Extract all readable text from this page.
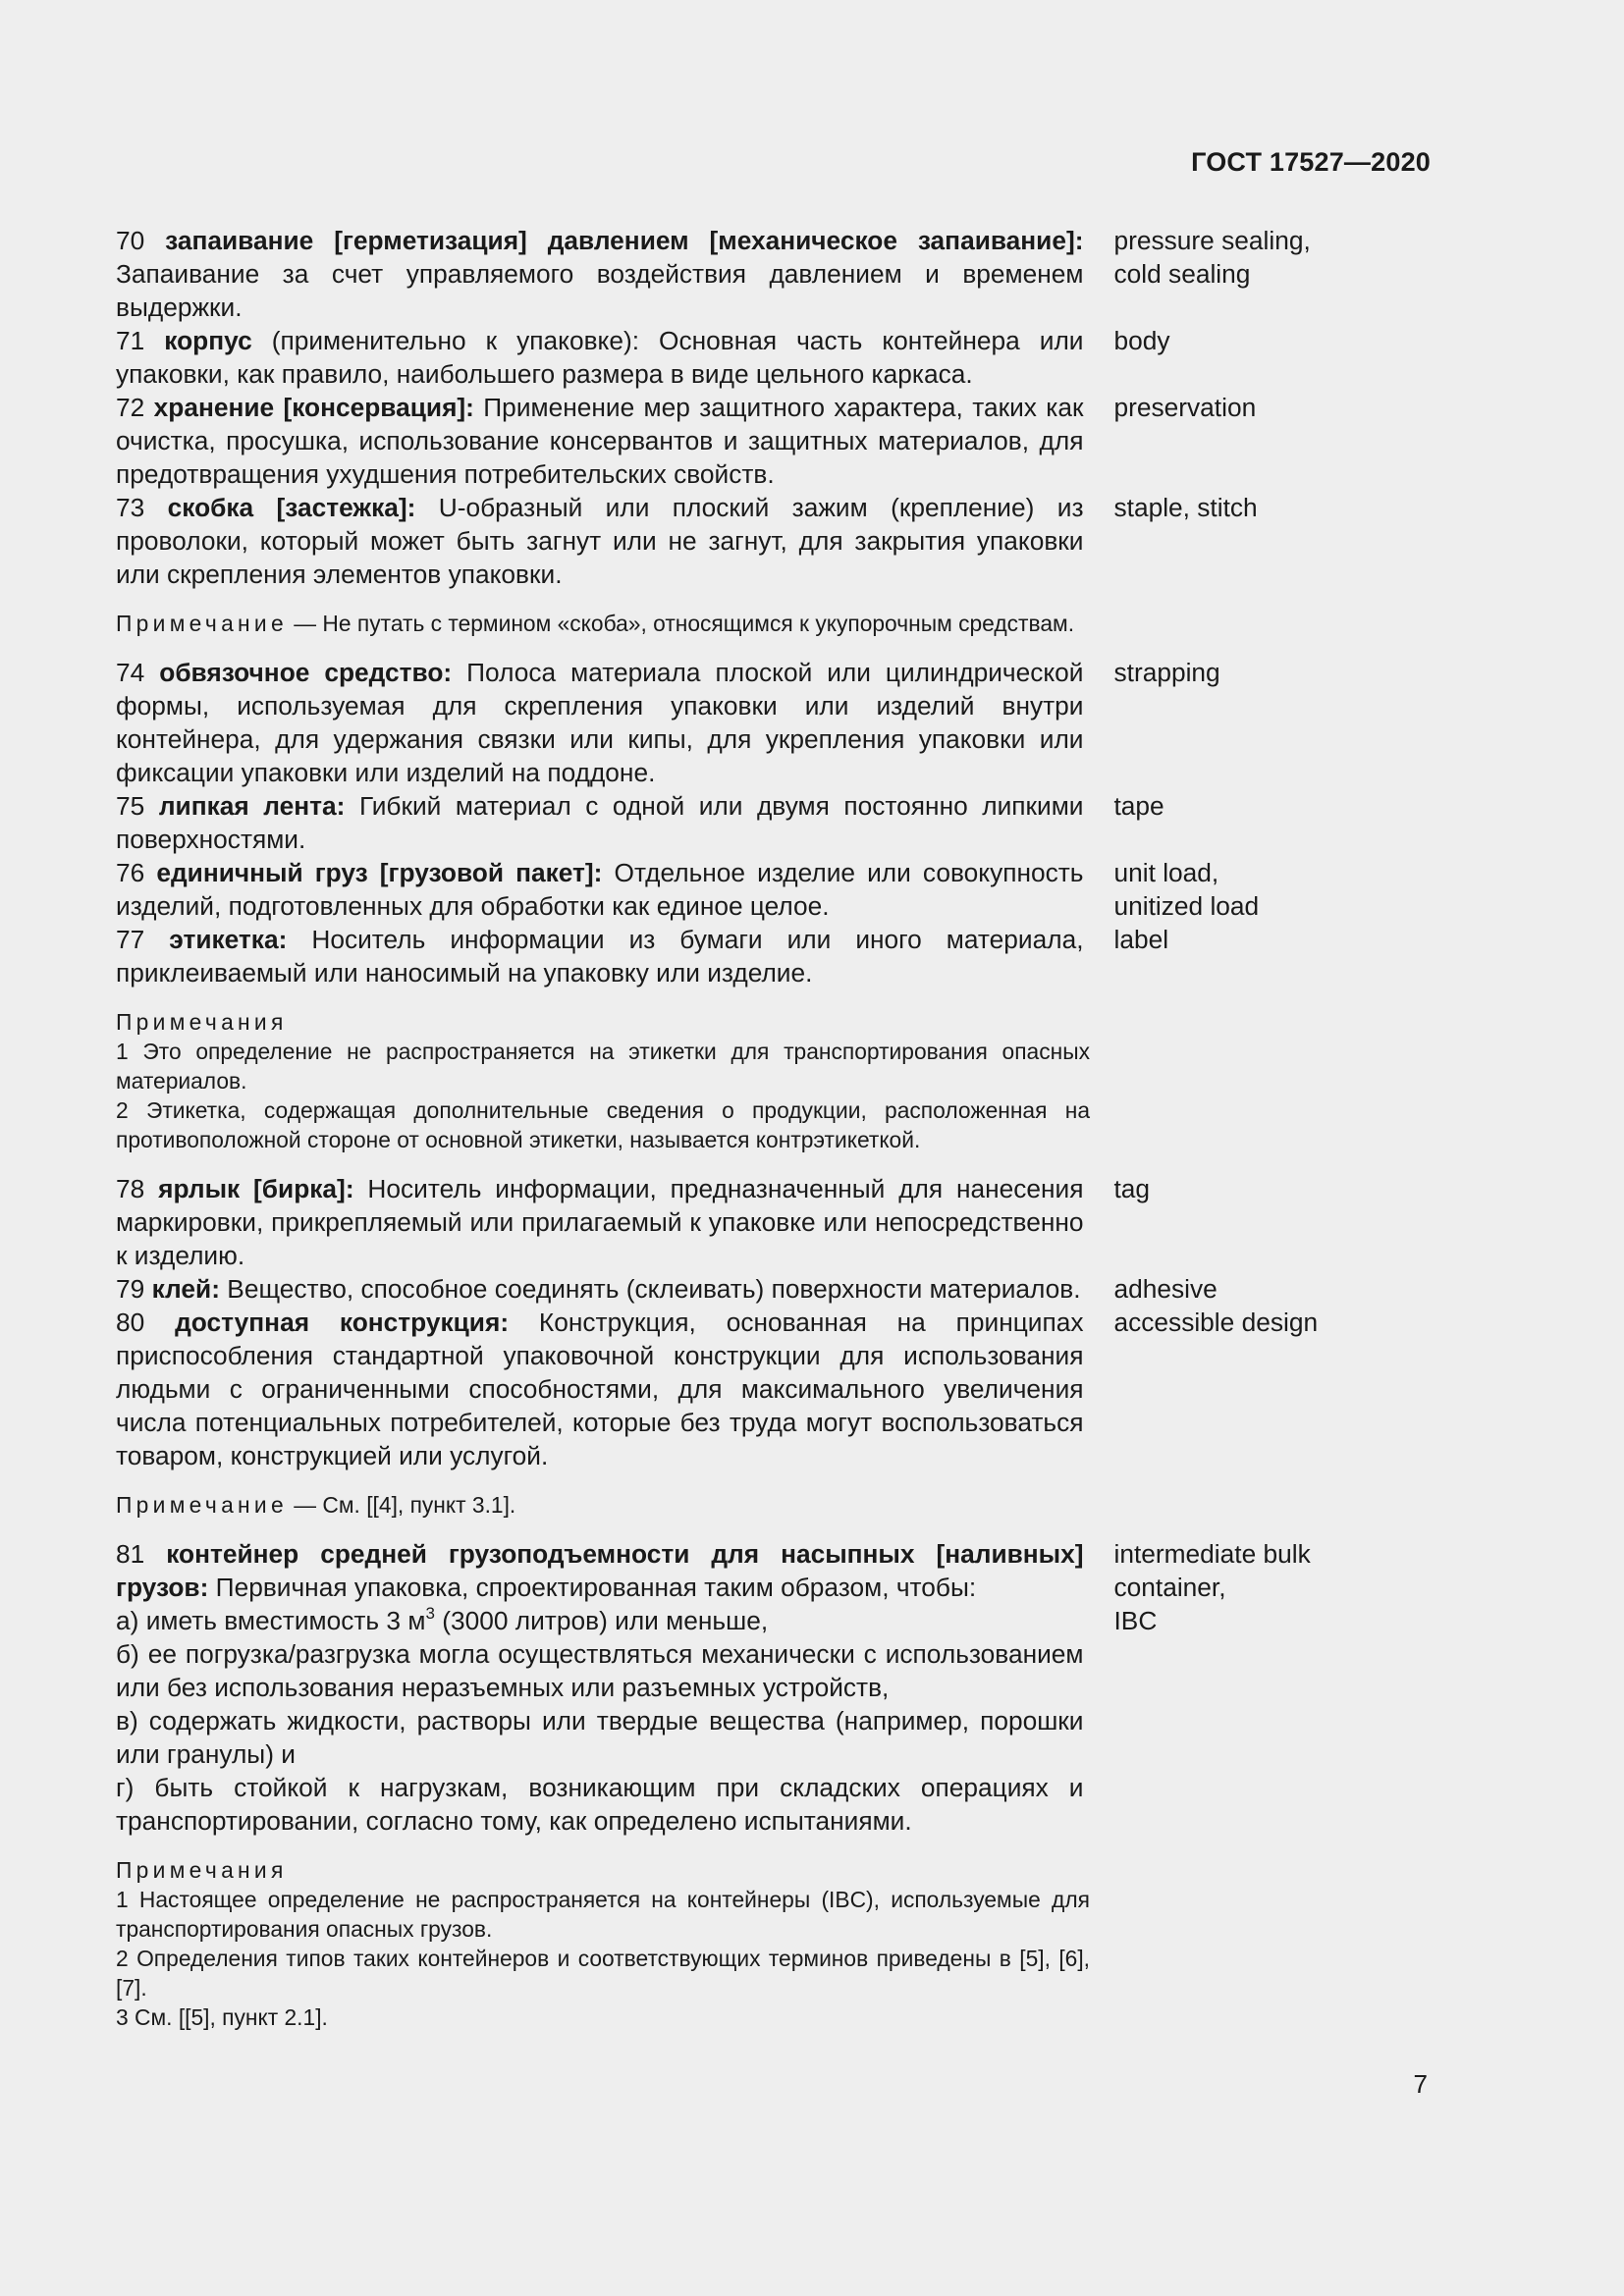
ГОСТ 17527—2020
70 запаивание [герметизация] давлением [механическое запаивание]: Запаивание за счет управляемого воздействия давлением и временем выдержки.
pressure sealing,
cold sealing
71 корпус (применительно к упаковке): Основная часть контейнера или упаковки, как правило, наибольшего размера в виде цельного каркаса.
body
72 хранение [консервация]: Применение мер защитного характера, таких как очистка, просушка, использование консервантов и защитных материалов, для предотвращения ухудшения потребительских свойств.
preservation
73 скобка [застежка]: U-образный или плоский зажим (крепление) из проволоки, который может быть загнут или не загнут, для закрытия упаковки или скрепления элементов упаковки.
staple, stitch
Примечание — Не путать с термином «скоба», относящимся к укупорочным средствам.
74 обвязочное средство: Полоса материала плоской или цилиндрической формы, используемая для скрепления упаковки или изделий внутри контейнера, для удержания связки или кипы, для укрепления упаковки или фиксации упаковки или изделий на поддоне.
strapping
75 липкая лента: Гибкий материал с одной или двумя постоянно липкими поверхностями.
tape
76 единичный груз [грузовой пакет]: Отдельное изделие или совокупность изделий, подготовленных для обработки как единое целое.
unit load,
unitized load
77 этикетка: Носитель информации из бумаги или иного материала, приклеиваемый или наносимый на упаковку или изделие.
label
Примечания
1 Это определение не распространяется на этикетки для транспортирования опасных материалов.
2 Этикетка, содержащая дополнительные сведения о продукции, расположенная на противоположной стороне от основной этикетки, называется контрэтикеткой.
78 ярлык [бирка]: Носитель информации, предназначенный для нанесения маркировки, прикрепляемый или прилагаемый к упаковке или непосредственно к изделию.
tag
79 клей: Вещество, способное соединять (склеивать) поверхности материалов. adhesive
80 доступная конструкция: Конструкция, основанная на принципах приспособления стандартной упаковочной конструкции для использования людьми с ограниченными способностями, для максимального увеличения числа потенциальных потребителей, которые без труда могут воспользоваться товаром, конструкцией или услугой.
accessible design
Примечание — См. [[4], пункт 3.1].
81 контейнер средней грузоподъемности для насыпных [наливных] грузов: Первичная упаковка, спроектированная таким образом, чтобы:
а) иметь вместимость 3 $м^3$ (3000 литров) или меньше,
б) ее погрузка/разгрузка могла осуществляться механически с использованием или без использования неразъемных или разъемных устройств,
в) содержать жидкости, растворы или твердые вещества (например, порошки или гранулы) и
г) быть стойкой к нагрузкам, возникающим при складских операциях и транспортировании, согласно тому, как определено испытаниями.
intermediate bulk
container,
IBC
Примечания
1 Настоящее определение не распространяется на контейнеры (IBC), используемые для транспортирования опасных грузов.
2 Определения типов таких контейнеров и соответствующих терминов приведены в [5], [6], [7].
3 См. [[5], пункт 2.1].
7
